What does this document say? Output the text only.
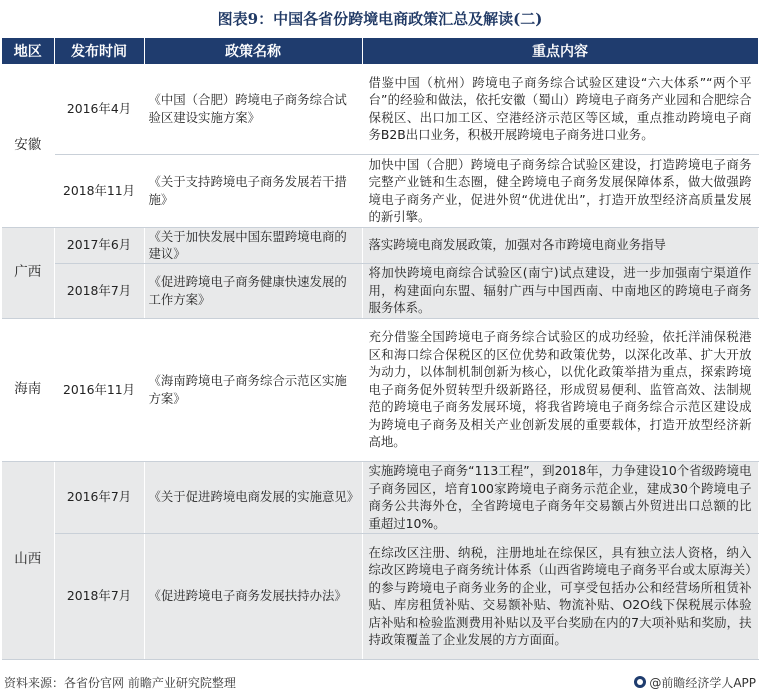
图表9：中国各省份跨境电商政策汇总及解读(二)
地区	发布时间	政策名称	重点内容
安徽	2016年4月	《中国（合肥）跨境电子商务综合试验区建设实施方案》	借鉴中国（杭州）跨境电子商务综合试验区建设“六大体系”“两个平台”的经验和做法，依托安徽（蜀山）跨境电子商务产业园和合肥综合保税区、出口加工区、空港经济示范区等区域，重点推动跨境电子商务B2B出口业务，积极开展跨境电子商务进口业务。
	2018年11月	《关于支持跨境电子商务发展若干措施》	加快中国（合肥）跨境电子商务综合试验区建设，打造跨境电子商务完整产业链和生态圈，健全跨境电子商务发展保障体系，做大做强跨境电子商务产业，促进外贸“优进优出”，打造开放型经济高质量发展的新引擎。
广西	2017年6月	《关于加快发展中国东盟跨境电商的建议》	落实跨境电商发展政策，加强对各市跨境电商业务指导
	2018年7月	《促进跨境电子商务健康快速发展的工作方案》	将加快跨境电商综合试验区(南宁)试点建设，进一步加强南宁渠道作用，构建面向东盟、辐射广西与中国西南、中南地区的跨境电子商务服务体系。
海南	2016年11月	《海南跨境电子商务综合示范区实施方案》	充分借鉴全国跨境电子商务综合试验区的成功经验，依托洋浦保税港区和海口综合保税区的区位优势和政策优势，以深化改革、扩大开放为动力，以体制机制创新为核心，以优化政策举措为重点，探索跨境电子商务促外贸转型升级新路径，形成贸易便利、监管高效、法制规范的跨境电子商务发展环境，将我省跨境电子商务综合示范区建设成为跨境电子商务及相关产业创新发展的重要载体，打造开放型经济新高地。
山西	2016年7月	《关于促进跨境电商发展的实施意见》	实施跨境电子商务“113工程”，到2018年，力争建设10个省级跨境电子商务园区，培育100家跨境电子商务示范企业，建成30个跨境电子商务公共海外仓，全省跨境电子商务年交易额占外贸进出口总额的比重超过10%。
	2018年7月	《促进跨境电子商务发展扶持办法》	在综改区注册、纳税，注册地址在综保区，具有独立法人资格，纳入综改区跨境电子商务统计体系（山西省跨境电子商务平台或太原海关）的参与跨境电子商务业务的企业，可享受包括办公和经营场所租赁补贴、库房租赁补贴、交易额补贴、物流补贴、O2O线下保税展示体验店补贴和检验监测费用补贴以及平台奖励在内的7大项补贴和奖励，扶持政策覆盖了企业发展的方方面面。
资料来源：各省份官网 前瞻产业研究院整理	@前瞻经济学人APP
